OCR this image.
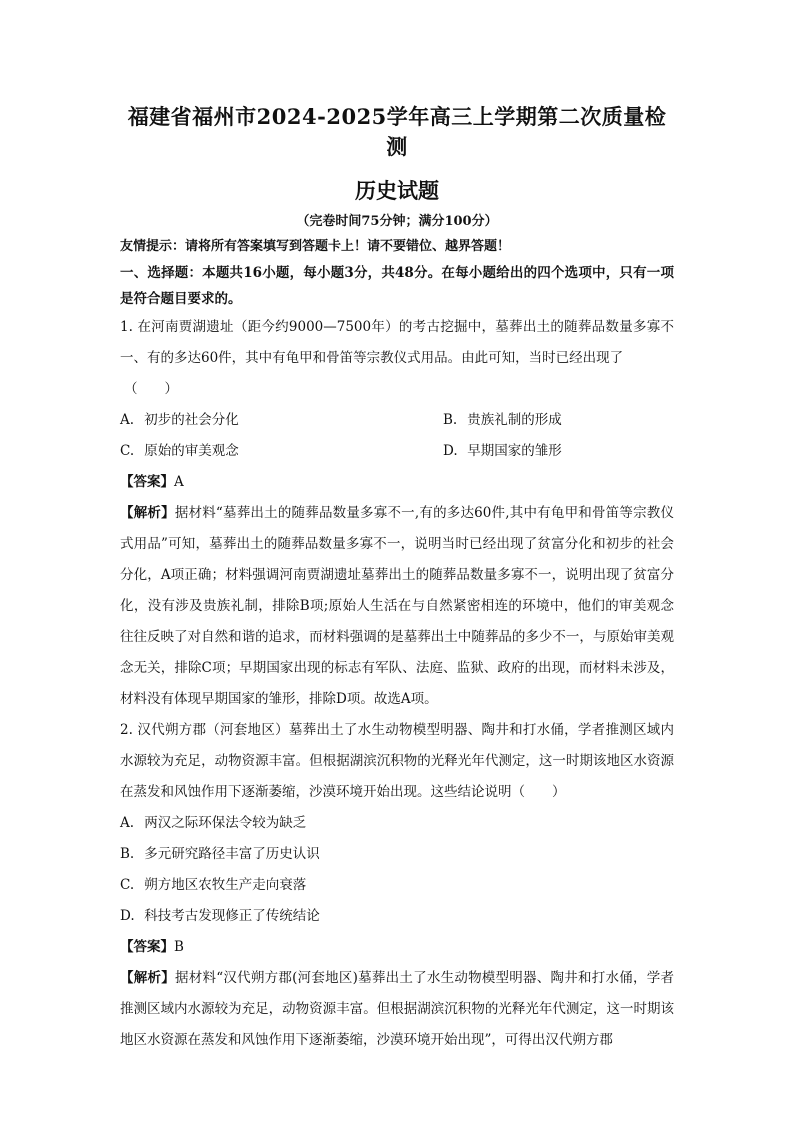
福建省福州市2024-2025学年高三上学期第二次质量检测
历史试题
（完卷时间75分钟；满分100分）
友情提示：请将所有答案填写到答题卡上！请不要错位、越界答题！
一、选择题：本题共16小题，每小题3分，共48分。在每小题给出的四个选项中，只有一项是符合题目要求的。

1. 在河南贾湖遗址（距今约9000—7500年）的考古挖掘中，墓葬出土的随葬品数量多寡不一、有的多达60件，其中有龟甲和骨笛等宗教仪式用品。由此可知，当时已经出现了

（　　）

A. 初步的社会分化	B. 贵族礼制的形成
C. 原始的审美观念	D. 早期国家的雏形

【答案】A

【解析】据材料“墓葬出土的随葬品数量多寡不一,有的多达60件,其中有龟甲和骨笛等宗教仪式用品”可知，墓葬出土的随葬品数量多寡不一，说明当时已经出现了贫富分化和初步的社会分化，A项正确；材料强调河南贾湖遗址墓葬出土的随葬品数量多寡不一，说明出现了贫富分化，没有涉及贵族礼制，排除B项;原始人生活在与自然紧密相连的环境中，他们的审美观念往往反映了对自然和谐的追求，而材料强调的是墓葬出土中随葬品的多少不一，与原始审美观念无关，排除C项；早期国家出现的标志有军队、法庭、监狱、政府的出现，而材料未涉及，材料没有体现早期国家的雏形，排除D项。故选A项。

2. 汉代朔方郡（河套地区）墓葬出土了水生动物模型明器、陶井和打水俑，学者推测区域内水源较为充足，动物资源丰富。但根据湖滨沉积物的光释光年代测定，这一时期该地区水资源在蒸发和风蚀作用下逐渐萎缩，沙漠环境开始出现。这些结论说明（　　）

A. 两汉之际环保法令较为缺乏

B. 多元研究路径丰富了历史认识

C. 朔方地区农牧生产走向衰落

D. 科技考古发现修正了传统结论

【答案】B

【解析】据材料“汉代朔方郡(河套地区)墓葬出土了水生动物模型明器、陶井和打水俑，学者推测区域内水源较为充足，动物资源丰富。但根据湖滨沉积物的光释光年代测定，这一时期该地区水资源在蒸发和风蚀作用下逐渐萎缩，沙漠环境开始出现”，可得出汉代朔方郡
